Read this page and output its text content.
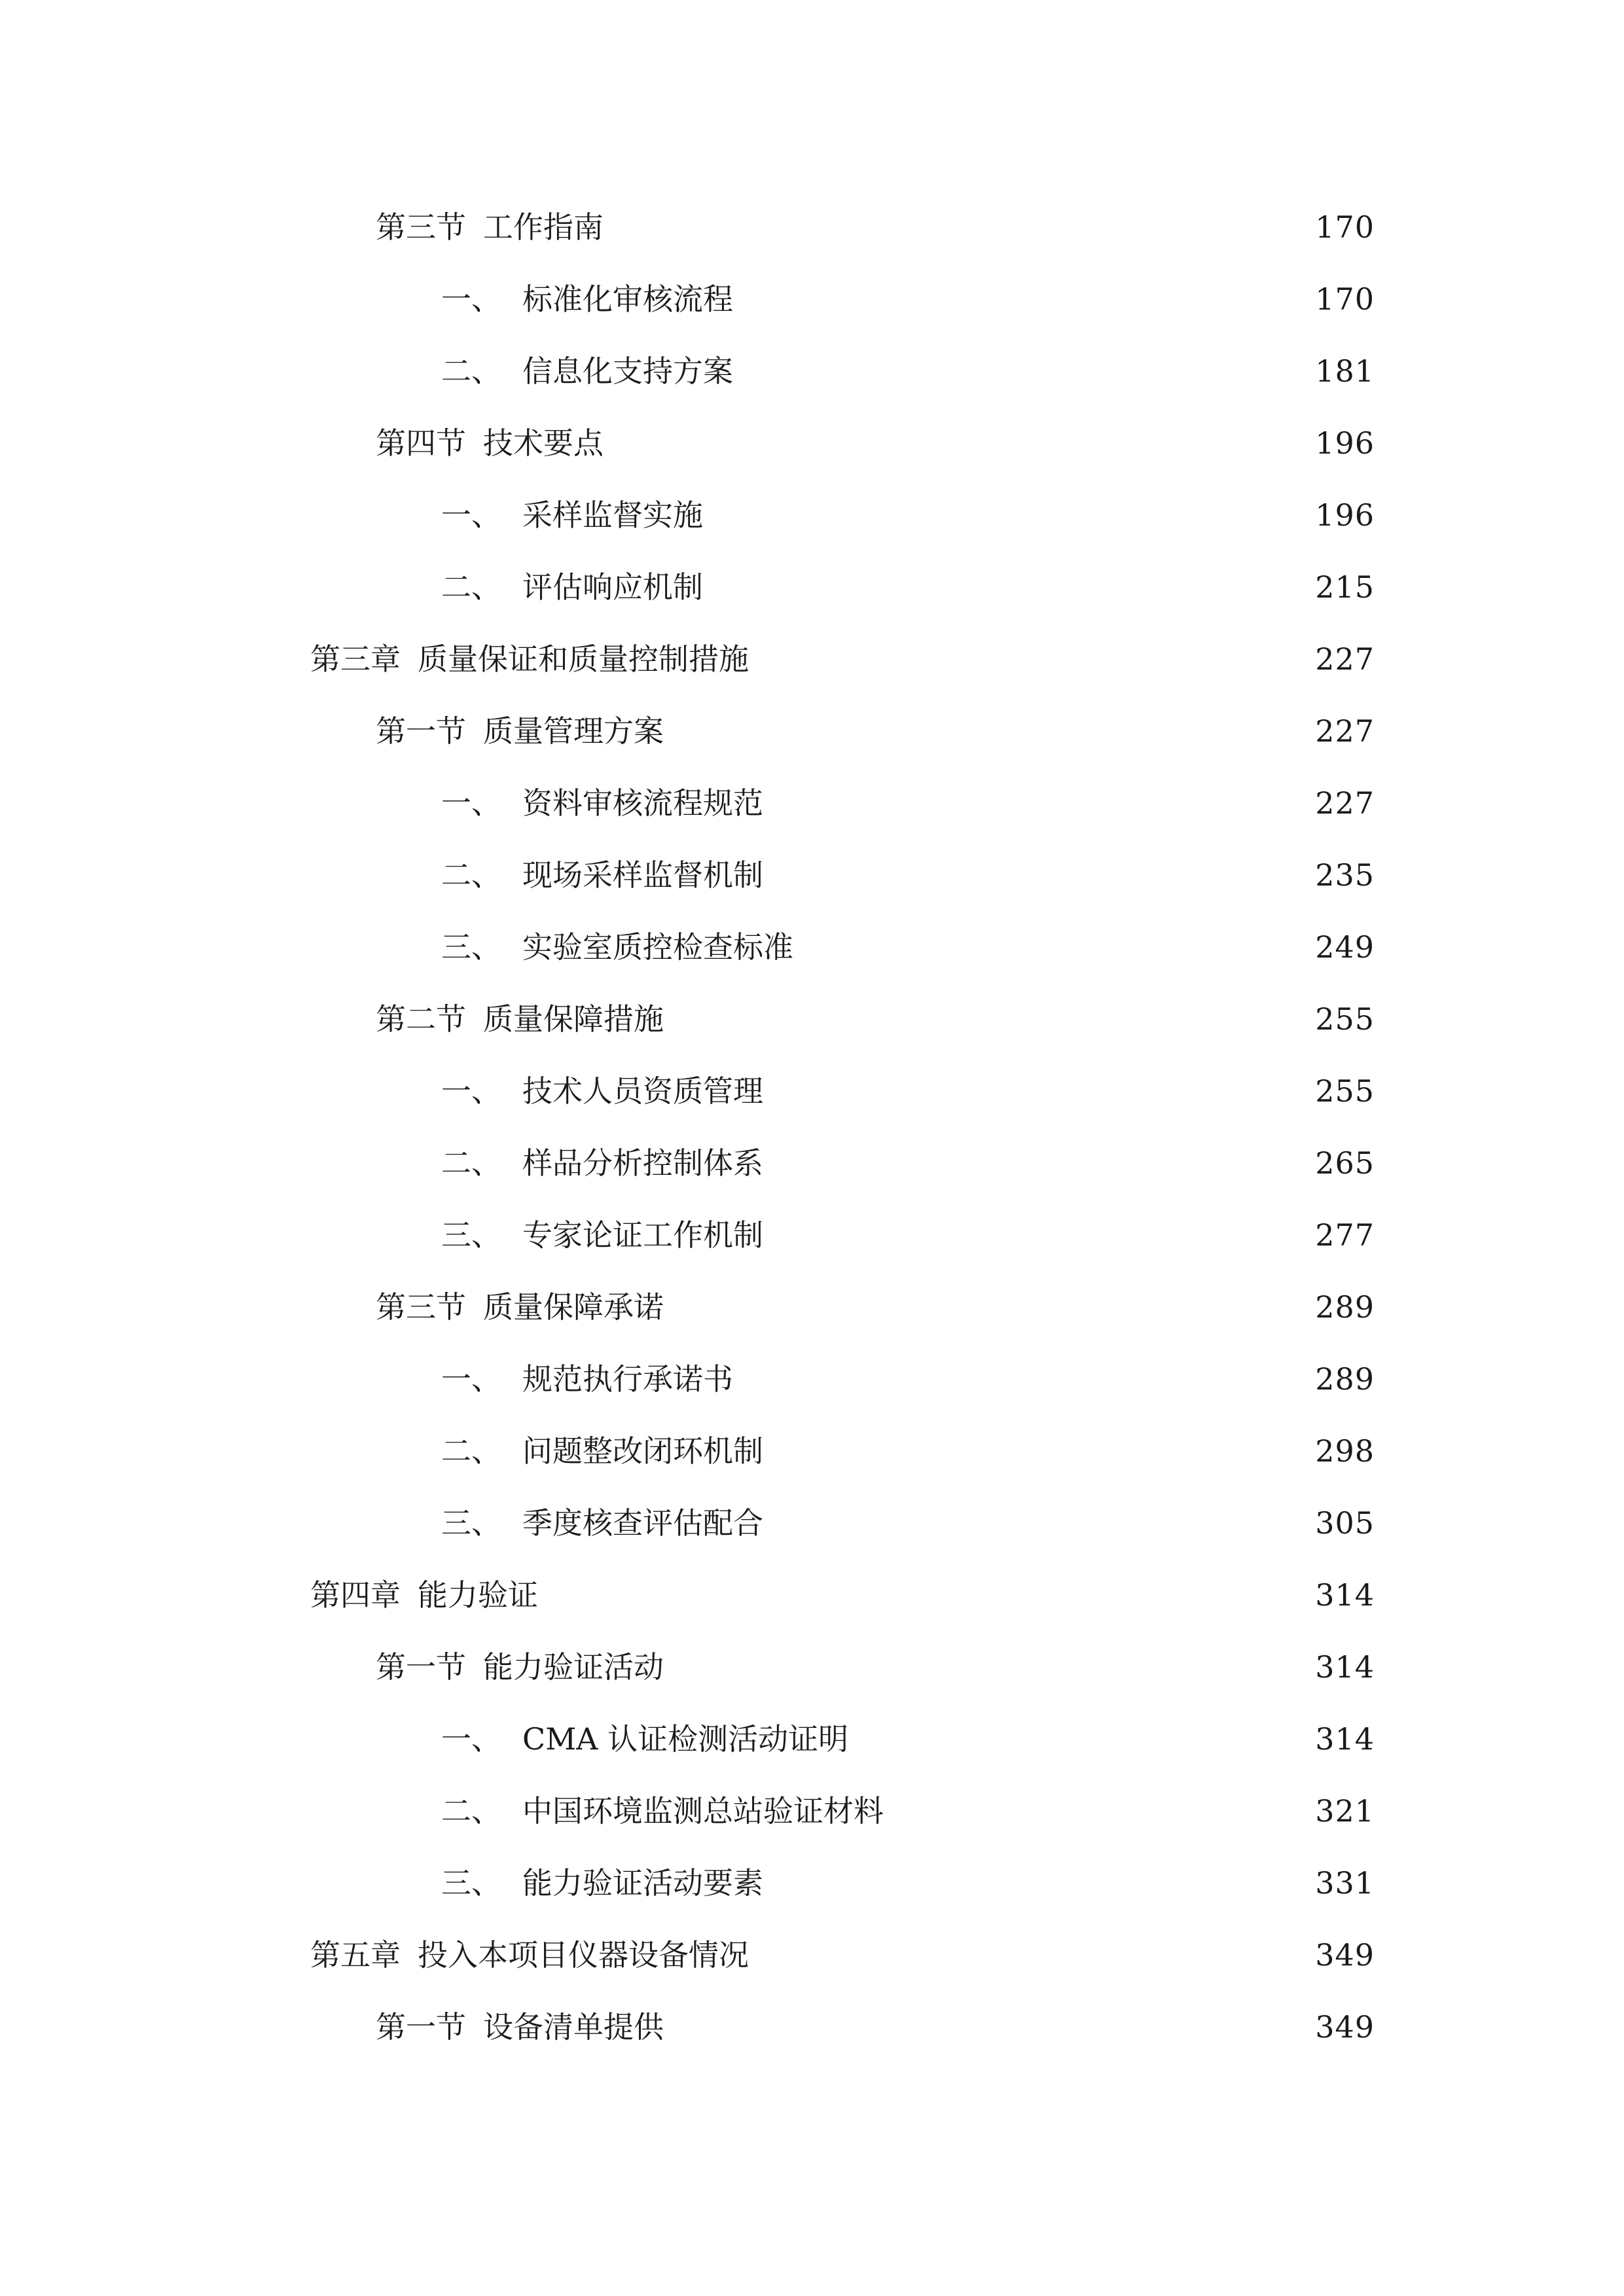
第三节 工作指南	170
一、 标准化审核流程	170
二、 信息化支持方案	181
第四节 技术要点	196
一、 采样监督实施	196
二、 评估响应机制	215
第三章 质量保证和质量控制措施	227
第一节 质量管理方案	227
一、 资料审核流程规范	227
二、 现场采样监督机制	235
三、 实验室质控检查标准	249
第二节 质量保障措施	255
一、 技术人员资质管理	255
二、 样品分析控制体系	265
三、 专家论证工作机制	277
第三节 质量保障承诺	289
一、 规范执行承诺书	289
二、 问题整改闭环机制	298
三、 季度核查评估配合	305
第四章 能力验证	314
第一节 能力验证活动	314
一、 CMA 认证检测活动证明	314
二、 中国环境监测总站验证材料	321
三、 能力验证活动要素	331
第五章 投入本项目仪器设备情况	349
第一节 设备清单提供	349
